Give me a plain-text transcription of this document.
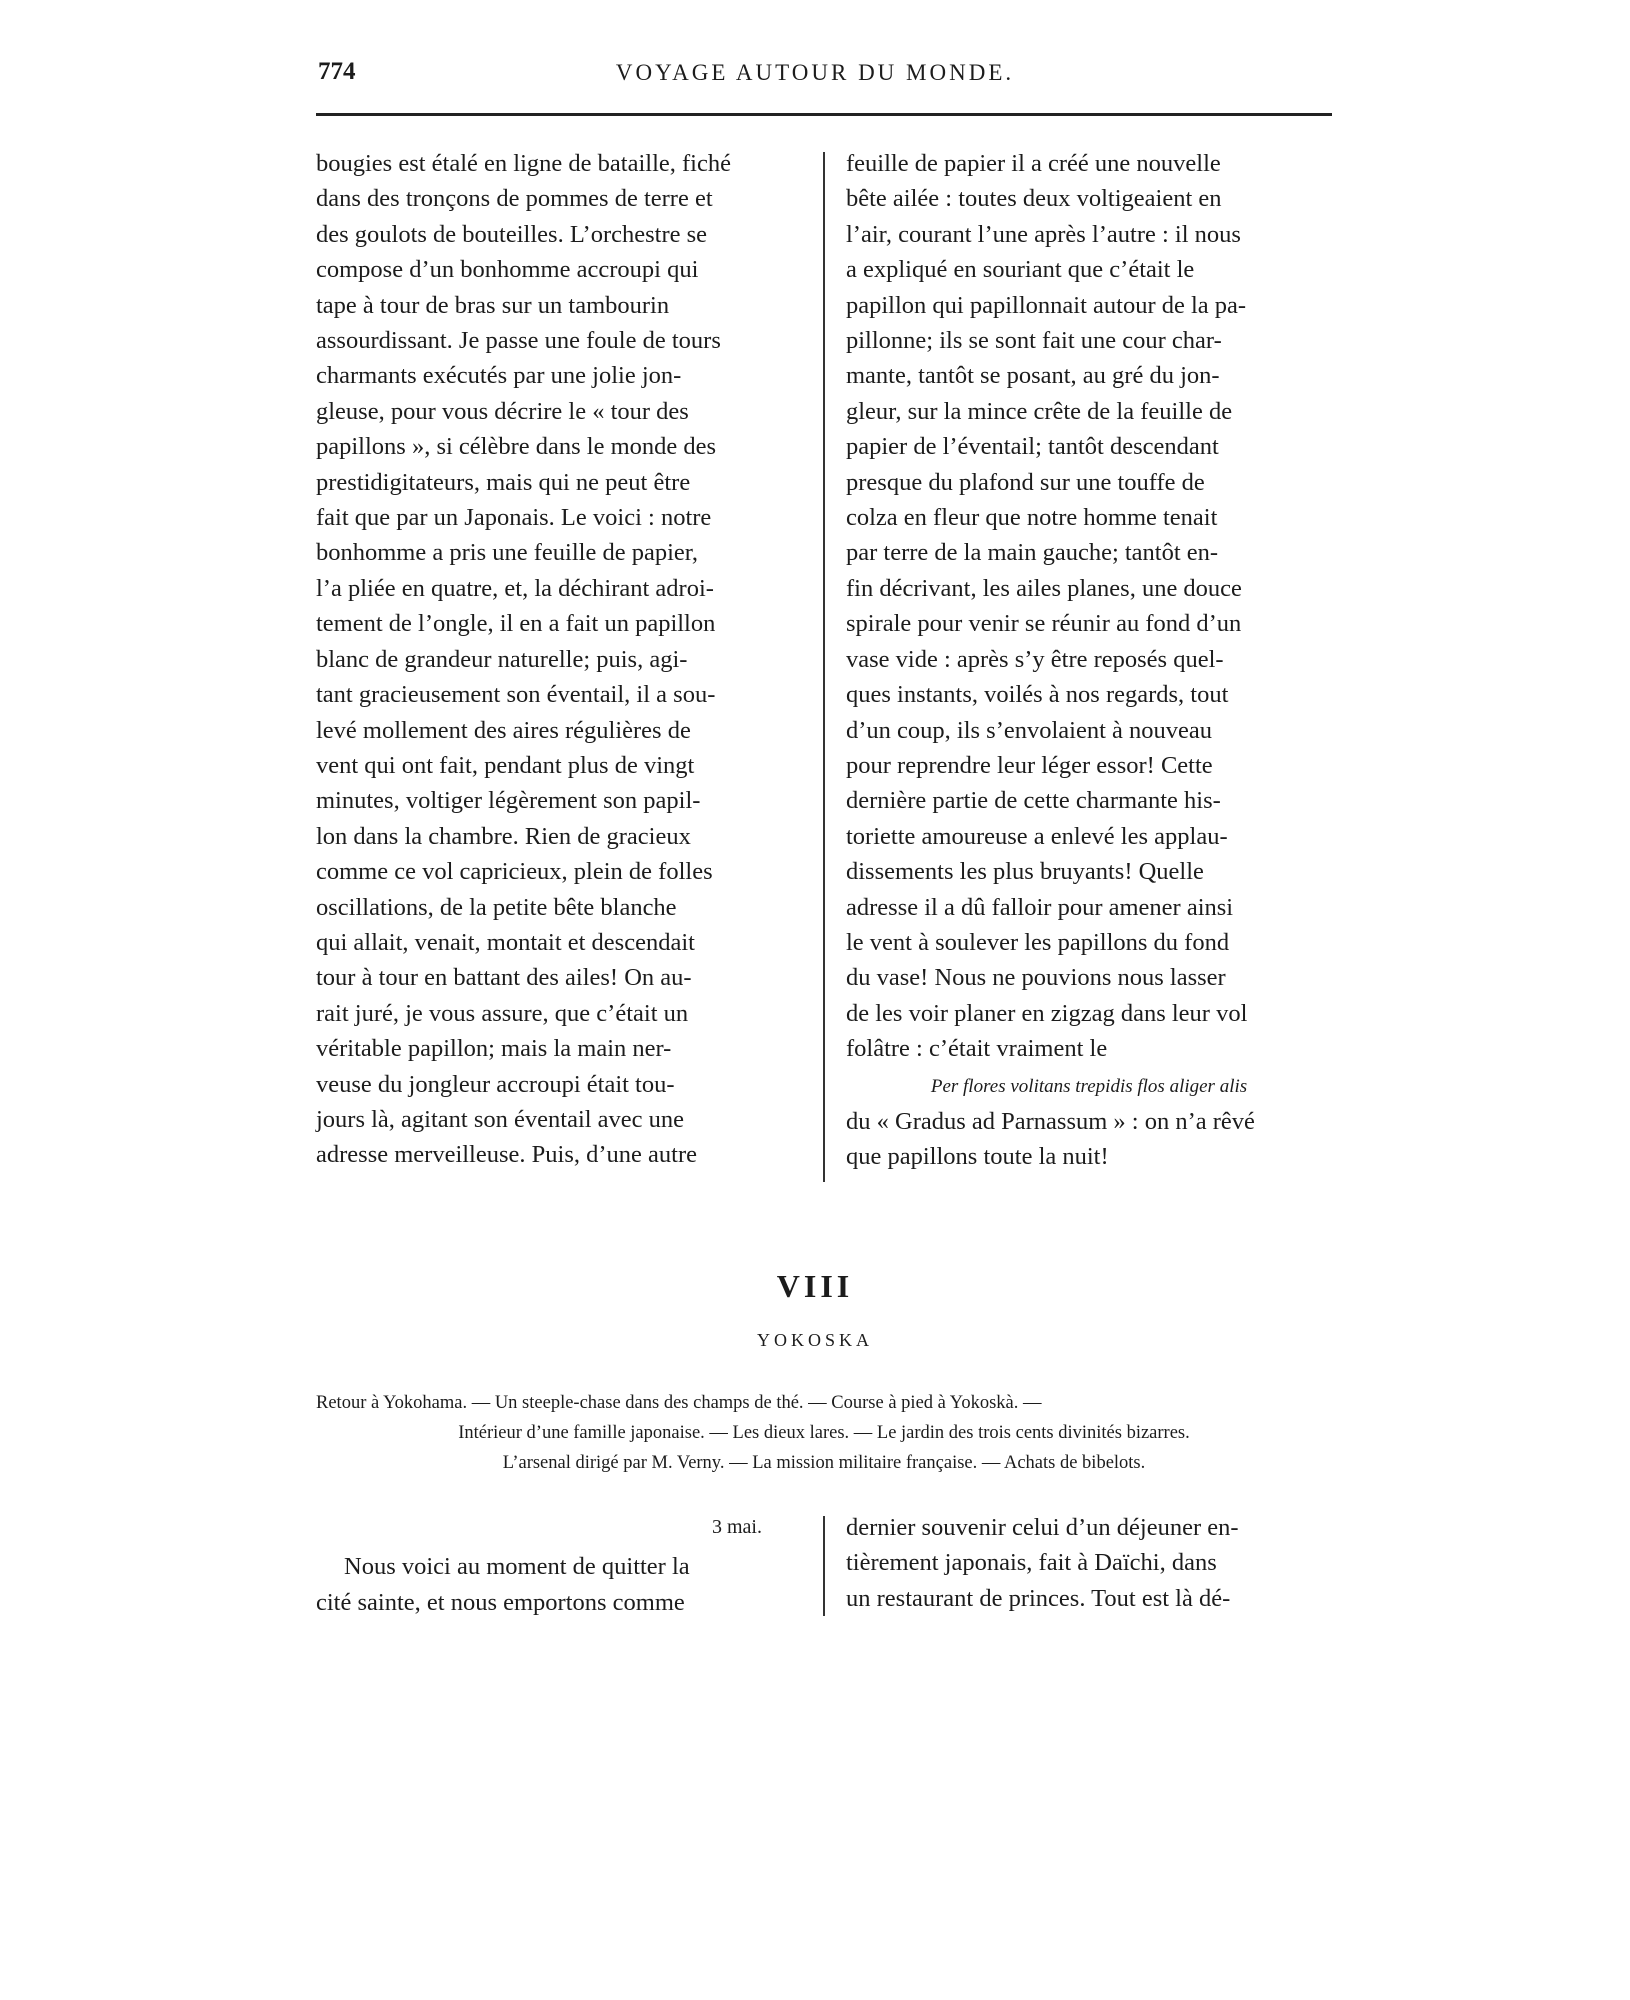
774	VOYAGE AUTOUR DU MONDE.
bougies est étalé en ligne de bataille, fiché
dans des tronçons de pommes de terre et
des goulots de bouteilles. L’orchestre se
compose d’un bonhomme accroupi qui
tape à tour de bras sur un tambourin
assourdissant. Je passe une foule de tours
charmants exécutés par une jolie jon-
gleuse, pour vous décrire le « tour des
papillons », si célèbre dans le monde des
prestidigitateurs, mais qui ne peut être
fait que par un Japonais. Le voici : notre
bonhomme a pris une feuille de papier,
l’a pliée en quatre, et, la déchirant adroi-
tement de l’ongle, il en a fait un papillon
blanc de grandeur naturelle; puis, agi-
tant gracieusement son éventail, il a sou-
levé mollement des aires régulières de
vent qui ont fait, pendant plus de vingt
minutes, voltiger légèrement son papil-
lon dans la chambre. Rien de gracieux
comme ce vol capricieux, plein de folles
oscillations, de la petite bête blanche
qui allait, venait, montait et descendait
tour à tour en battant des ailes! On au-
rait juré, je vous assure, que c’était un
véritable papillon; mais la main ner-
veuse du jongleur accroupi était tou-
jours là, agitant son éventail avec une
adresse merveilleuse. Puis, d’une autre
feuille de papier il a créé une nouvelle
bête ailée : toutes deux voltigeaient en
l’air, courant l’une après l’autre : il nous
a expliqué en souriant que c’était le
papillon qui papillonnait autour de la pa-
pillonne; ils se sont fait une cour char-
mante, tantôt se posant, au gré du jon-
gleur, sur la mince crête de la feuille de
papier de l’éventail; tantôt descendant
presque du plafond sur une touffe de
colza en fleur que notre homme tenait
par terre de la main gauche; tantôt en-
fin décrivant, les ailes planes, une douce
spirale pour venir se réunir au fond d’un
vase vide : après s’y être reposés quel-
ques instants, voilés à nos regards, tout
d’un coup, ils s’envolaient à nouveau
pour reprendre leur léger essor! Cette
dernière partie de cette charmante his-
toriette amoureuse a enlevé les applau-
dissements les plus bruyants! Quelle
adresse il a dû falloir pour amener ainsi
le vent à soulever les papillons du fond
du vase! Nous ne pouvions nous lasser
de les voir planer en zigzag dans leur vol
folâtre : c’était vraiment le
Per flores volitans trepidis flos aliger alis
du « Gradus ad Parnassum » : on n’a rêvé
que papillons toute la nuit!
VIII
YOKOSKA
Retour à Yokohama. — Un steeple-chase dans des champs de thé. — Course à pied à Yokoskà. —
Intérieur d’une famille japonaise. — Les dieux lares. — Le jardin des trois cents divinités bizarres.
L’arsenal dirigé par M. Verny. — La mission militaire française. — Achats de bibelots.
3 mai.
Nous voici au moment de quitter la
cité sainte, et nous emportons comme
dernier souvenir celui d’un déjeuner en-
tièrement japonais, fait à Daïchi, dans
un restaurant de princes. Tout est là dé-
